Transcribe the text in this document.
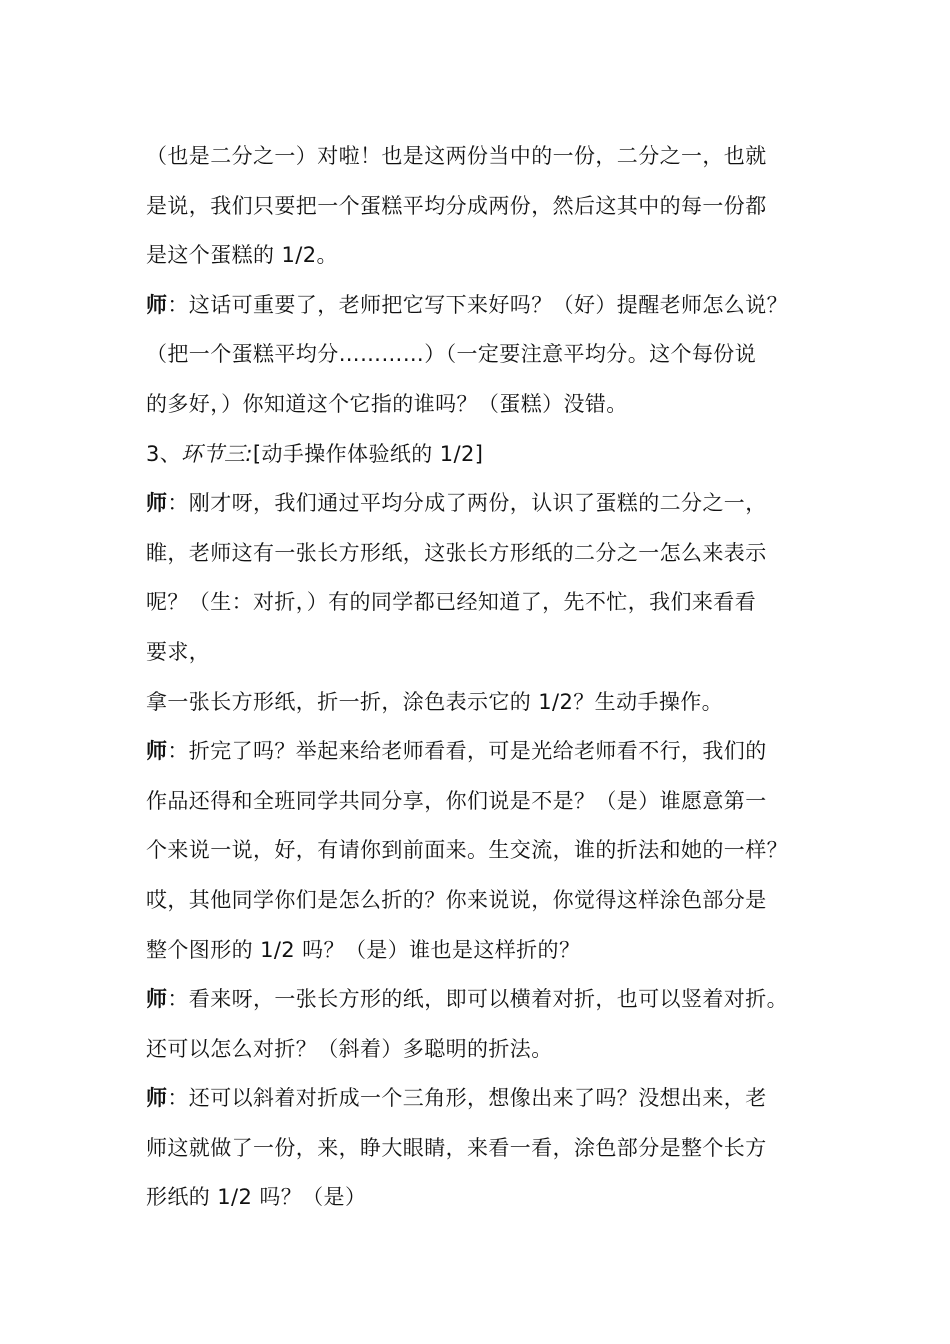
（也是二分之一）对啦！也是这两份当中的一份，二分之一，也就
是说，我们只要把一个蛋糕平均分成两份，然后这其中的每一份都
是这个蛋糕的 1/2。
师：这话可重要了，老师把它写下来好吗？（好）提醒老师怎么说？
（把一个蛋糕平均分…………）（一定要注意平均分。这个每份说
的多好，）你知道这个它指的谁吗？（蛋糕）没错。
3、环节三:[动手操作体验纸的 1/2]
师：刚才呀，我们通过平均分成了两份，认识了蛋糕的二分之一，
睢，老师这有一张长方形纸，这张长方形纸的二分之一怎么来表示
呢？（生：对折，）有的同学都已经知道了，先不忙，我们来看看
要求，
拿一张长方形纸，折一折，涂色表示它的 1/2？生动手操作。
师：折完了吗？举起来给老师看看，可是光给老师看不行，我们的
作品还得和全班同学共同分享，你们说是不是？（是）谁愿意第一
个来说一说，好，有请你到前面来。生交流，谁的折法和她的一样？
哎，其他同学你们是怎么折的？你来说说，你觉得这样涂色部分是
整个图形的 1/2 吗？（是）谁也是这样折的？
师：看来呀，一张长方形的纸，即可以横着对折，也可以竖着对折。
还可以怎么对折？（斜着）多聪明的折法。
师：还可以斜着对折成一个三角形，想像出来了吗？没想出来，老
师这就做了一份，来，睁大眼睛，来看一看，涂色部分是整个长方
形纸的 1/2 吗？（是）
